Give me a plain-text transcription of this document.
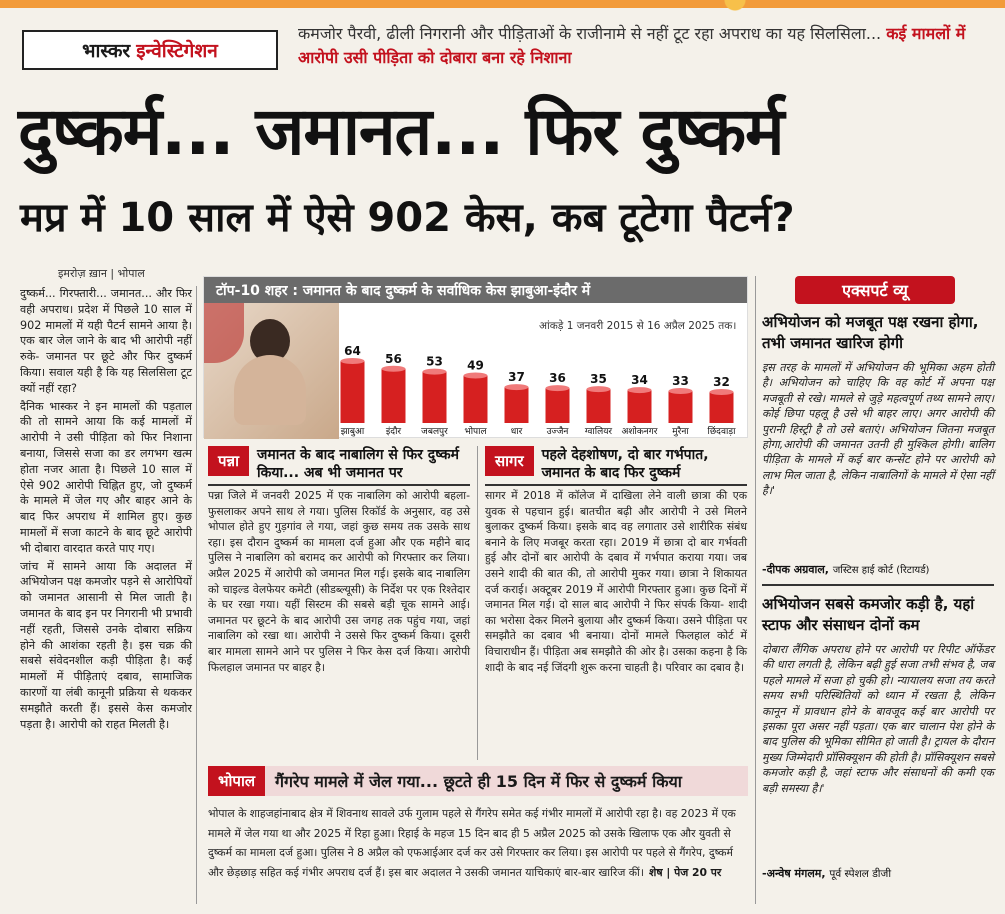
भास्कर इन्वेस्टिगेशन
कमजोर पैरवी, ढीली निगरानी और पीड़िताओं के राजीनामे से नहीं टूट रहा अपराध का यह सिलसिला... कई मामलों में आरोपी उसी पीड़िता को दोबारा बना रहे निशाना
दुष्कर्म... जमानत... फिर दुष्कर्म
मप्र में 10 साल में ऐसे 902 केस, कब टूटेगा पैटर्न?
इमरोज़ ख़ान | भोपाल

दुष्कर्म... गिरफ्तारी... जमानत... और फिर वही अपराध। प्रदेश में पिछले 10 साल में 902 मामलों में यही पैटर्न सामने आया है। एक बार जेल जाने के बाद भी आरोपी नहीं रुके- जमानत पर छूटे और फिर दुष्कर्म किया। सवाल यही है कि यह सिलसिला टूट क्यों नहीं रहा?

दैनिक भास्कर ने इन मामलों की पड़ताल की तो सामने आया कि कई मामलों में आरोपी ने उसी पीड़िता को फिर निशाना बनाया, जिससे सजा का डर लगभग खत्म होता नजर आता है। पिछले 10 साल में ऐसे 902 आरोपी चिह्नित हुए, जो दुष्कर्म के मामले में जेल गए और बाहर आने के बाद फिर अपराध में शामिल हुए। कुछ मामलों में सजा काटने के बाद छूटे आरोपी भी दोबारा वारदात करते पाए गए।

जांच में सामने आया कि अदालत में अभियोजन पक्ष कमजोर पड़ने से आरोपियों को जमानत आसानी से मिल जाती है। जमानत के बाद इन पर निगरानी भी प्रभावी नहीं रहती, जिससे उनके दोबारा सक्रिय होने की आशंका रहती है। इस चक्र की सबसे संवेदनशील कड़ी पीड़िता है। कई मामलों में पीड़िताएं दबाव, सामाजिक कारणों या लंबी कानूनी प्रक्रिया से थककर समझौते करती हैं। इससे केस कमजोर पड़ता है। आरोपी को राहत मिलती है।

टॉप-10 शहर : जमानत के बाद दुष्कर्म के सर्वाधिक केस झाबुआ-इंदौर में
आंकड़े 1 जनवरी 2015 से 16 अप्रैल 2025 तक।
64
झाबुआ
56
इंदौर
53
जबलपुर
49
भोपाल
37
धार
36
उज्जैन
35
ग्वालियर
34
अशोकनगर
33
मुरैना
32
छिंदवाड़ा
पन्ना	जमानत के बाद नाबालिग से फिर दुष्कर्म किया... अब भी जमानत पर
पन्ना जिले में जनवरी 2025 में एक नाबालिग को आरोपी बहला-फुसलाकर अपने साथ ले गया। पुलिस रिकॉर्ड के अनुसार, वह उसे भोपाल होते हुए गुड़गांव ले गया, जहां कुछ समय तक उसके साथ रहा। इस दौरान दुष्कर्म का मामला दर्ज हुआ और एक महीने बाद पुलिस ने नाबालिग को बरामद कर आरोपी को गिरफ्तार कर लिया। अप्रैल 2025 में आरोपी को जमानत मिल गई। इसके बाद नाबालिग को चाइल्ड वेलफेयर कमेटी (सीडब्ल्यूसी) के निर्देश पर एक रिश्तेदार के घर रखा गया। यहीं सिस्टम की सबसे बड़ी चूक सामने आई। जमानत पर छूटने के बाद आरोपी उस जगह तक पहुंच गया, जहां नाबालिग को रखा था। आरोपी ने उससे फिर दुष्कर्म किया। दूसरी बार मामला सामने आने पर पुलिस ने फिर केस दर्ज किया। आरोपी फिलहाल जमानत पर बाहर है।
सागर	पहले देहशोषण, दो बार गर्भपात, जमानत के बाद फिर दुष्कर्म
सागर में 2018 में कॉलेज में दाखिला लेने वाली छात्रा की एक युवक से पहचान हुई। बातचीत बढ़ी और आरोपी ने उसे मिलने बुलाकर दुष्कर्म किया। इसके बाद वह लगातार उसे शारीरिक संबंध बनाने के लिए मजबूर करता रहा। 2019 में छात्रा दो बार गर्भवती हुई और दोनों बार आरोपी के दबाव में गर्भपात कराया गया। जब उसने शादी की बात की, तो आरोपी मुकर गया। छात्रा ने शिकायत दर्ज कराई। अक्टूबर 2019 में आरोपी गिरफ्तार हुआ। कुछ दिनों में जमानत मिल गई। दो साल बाद आरोपी ने फिर संपर्क किया- शादी का भरोसा देकर मिलने बुलाया और दुष्कर्म किया। उसने पीड़िता पर समझौते का दबाव भी बनाया। दोनों मामले फिलहाल कोर्ट में विचाराधीन हैं। पीड़िता अब समझौते की ओर है। उसका कहना है कि शादी के बाद नई जिंदगी शुरू करना चाहती है। परिवार का दबाव है।
भोपाल	गैंगरेप मामले में जेल गया... छूटते ही 15 दिन में फिर से दुष्कर्म किया
भोपाल के शाहजहांनाबाद क्षेत्र में शिवनाथ सावले उर्फ गुलाम पहले से गैंगरेप समेत कई गंभीर मामलों में आरोपी रहा है। वह 2023 में एक मामले में जेल गया था और 2025 में रिहा हुआ। रिहाई के महज 15 दिन बाद ही 5 अप्रैल 2025 को उसके खिलाफ एक और युवती से दुष्कर्म का मामला दर्ज हुआ। पुलिस ने 8 अप्रैल को एफआईआर दर्ज कर उसे गिरफ्तार कर लिया। इस आरोपी पर पहले से गैंगरेप, दुष्कर्म और छेड़छाड़ सहित कई गंभीर अपराध दर्ज हैं। इस बार अदालत ने उसकी जमानत याचिकाएं बार-बार खारिज कीं। शेष | पेज 20 पर
एक्सपर्ट व्यू
अभियोजन को मजबूत पक्ष रखना होगा, तभी जमानत खारिज होगी
इस तरह के मामलों में अभियोजन की भूमिका अहम होती है। अभियोजन को चाहिए कि वह कोर्ट में अपना पक्ष मजबूती से रखे। मामले से जुड़े महत्वपूर्ण तथ्य सामने लाए। कोई छिपा पहलू है उसे भी बाहर लाए। अगर आरोपी की पुरानी हिस्ट्री है तो उसे बताएं। अभियोजन जितना मजबूत होगा,आरोपी की जमानत उतनी ही मुश्किल होगी। बालिग पीड़िता के मामले में कई बार कन्सेंट होने पर आरोपी को लाभ मिल जाता है, लेकिन नाबालिगों के मामले में ऐसा नहीं है।'
-दीपक अग्रवाल, जस्टिस हाई कोर्ट (रिटायर्ड)
अभियोजन सबसे कमजोर कड़ी है, यहां स्टाफ और संसाधन दोनों कम
दोबारा लैंगिक अपराध होने पर आरोपी पर रिपीट ऑफेंडर की धारा लगती है, लेकिन बढ़ी हुई सजा तभी संभव है, जब पहले मामले में सजा हो चुकी हो। न्यायालय सजा तय करते समय सभी परिस्थितियों को ध्यान में रखता है, लेकिन कानून में प्रावधान होने के बावजूद कई बार आरोपी पर इसका पूरा असर नहीं पड़ता। एक बार चालान पेश होने के बाद पुलिस की भूमिका सीमित हो जाती है। ट्रायल के दौरान मुख्य जिम्मेदारी प्रॉसिक्यूशन की होती है। प्रॉसिक्यूशन सबसे कमजोर कड़ी है, जहां स्टाफ और संसाधनों की कमी एक बड़ी समस्या है।'
-अन्वेष मंगलम, पूर्व स्पेशल डीजी
